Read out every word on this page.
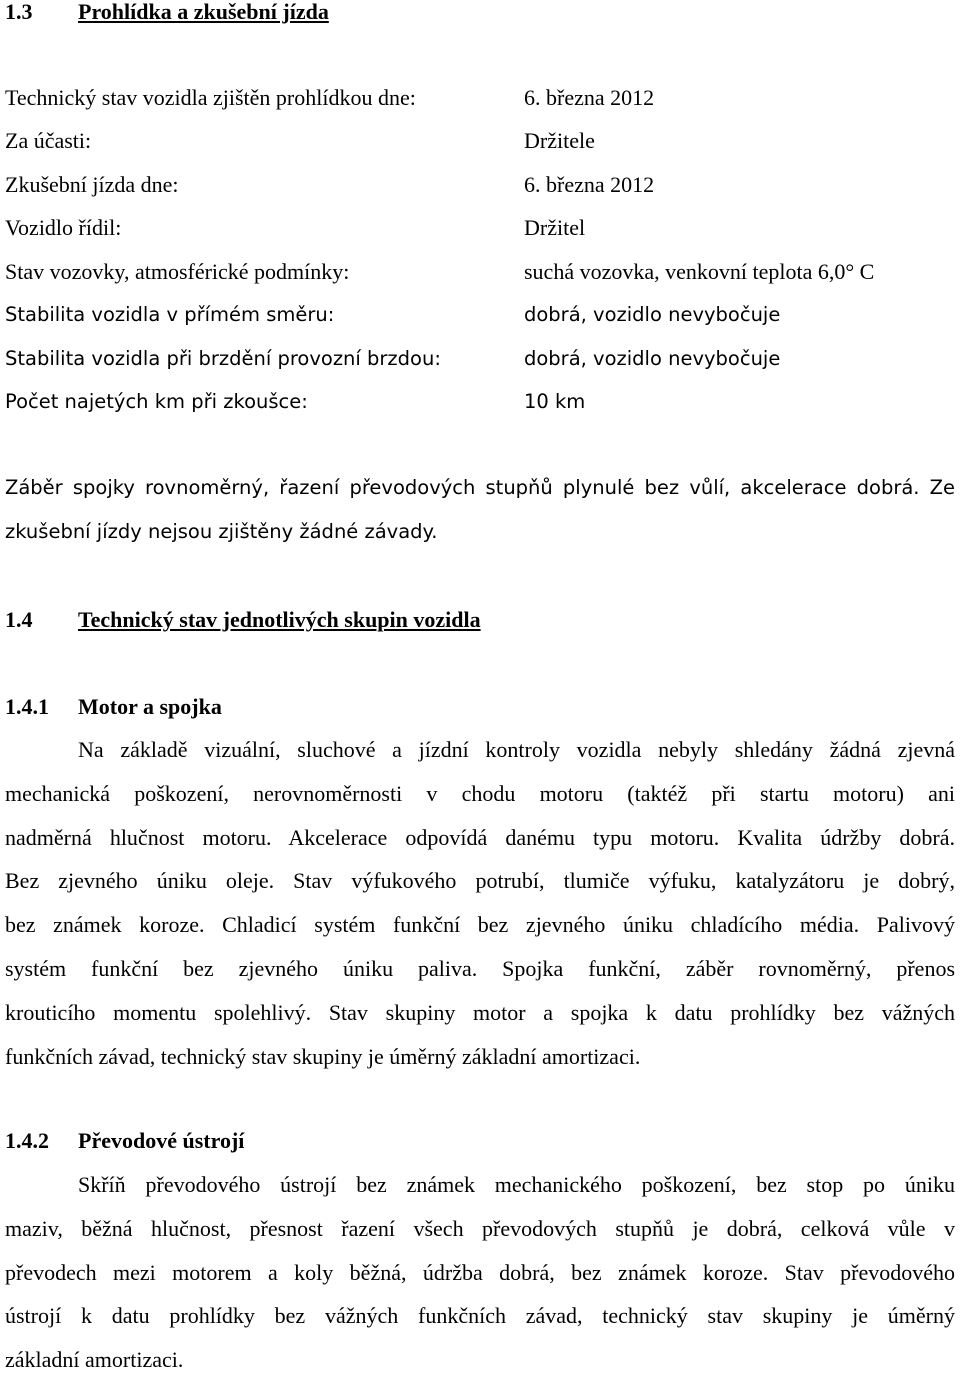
1.3 Prohlídka a zkušební jízda
Technický stav vozidla zjištěn prohlídkou dne:	6. března 2012
Za účasti:	Držitele
Zkušební jízda dne:	6. března 2012
Vozidlo řídil:	Držitel
Stav vozovky, atmosférické podmínky:	suchá vozovka, venkovní teplota 6,0° C
Stabilita vozidla v přímém směru:	dobrá, vozidlo nevybočuje
Stabilita vozidla při brzdění provozní brzdou:	dobrá, vozidlo nevybočuje
Počet najetých km při zkoušce:	10 km
Záběr spojky rovnoměrný, řazení převodových stupňů plynulé bez vůlí, akcelerace dobrá. Ze
zkušební jízdy nejsou zjištěny žádné závady.
1.4 Technický stav jednotlivých skupin vozidla
1.4.1 Motor a spojka
Na základě vizuální, sluchové a jízdní kontroly vozidla nebyly shledány žádná zjevná
mechanická poškození, nerovnoměrnosti v chodu motoru (taktéž při startu motoru) ani
nadměrná hlučnost motoru. Akcelerace odpovídá danému typu motoru. Kvalita údržby dobrá.
Bez zjevného úniku oleje. Stav výfukového potrubí, tlumiče výfuku, katalyzátoru je dobrý,
bez známek koroze. Chladicí systém funkční bez zjevného úniku chladícího média. Palivový
systém funkční bez zjevného úniku paliva. Spojka funkční, záběr rovnoměrný, přenos
krouticího momentu spolehlivý. Stav skupiny motor a spojka k datu prohlídky bez vážných
funkčních závad, technický stav skupiny je úměrný základní amortizaci.
1.4.2 Převodové ústrojí
Skříň převodového ústrojí bez známek mechanického poškození, bez stop po úniku
maziv, běžná hlučnost, přesnost řazení všech převodových stupňů je dobrá, celková vůle v
převodech mezi motorem a koly běžná, údržba dobrá, bez známek koroze. Stav převodového
ústrojí k datu prohlídky bez vážných funkčních závad, technický stav skupiny je úměrný
základní amortizaci.
